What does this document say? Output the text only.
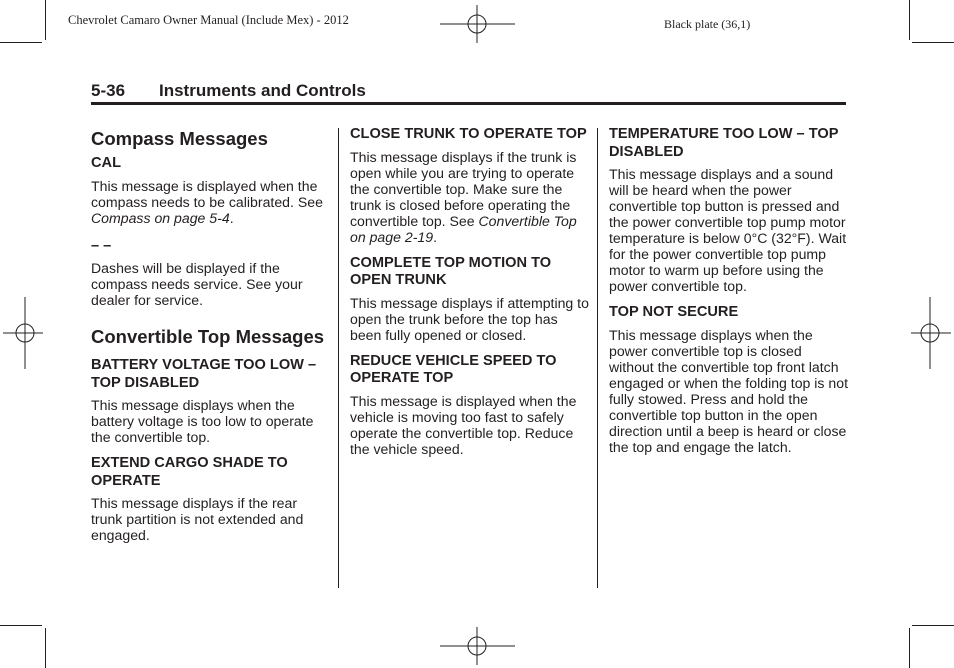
Chevrolet Camaro Owner Manual (Include Mex) - 2012	Black plate (36,1)
5-36 Instruments and Controls
Compass Messages
CAL

This message is displayed when the compass needs to be calibrated. See Compass on page 5-4.

– –

Dashes will be displayed if the compass needs service. See your dealer for service.

Convertible Top Messages
BATTERY VOLTAGE TOO LOW – TOP DISABLED

This message displays when the battery voltage is too low to operate the convertible top.

EXTEND CARGO SHADE TO OPERATE

This message displays if the rear trunk partition is not extended and engaged.

CLOSE TRUNK TO OPERATE TOP

This message displays if the trunk is open while you are trying to operate the convertible top. Make sure the trunk is closed before operating the convertible top. See Convertible Top on page 2-19.

COMPLETE TOP MOTION TO OPEN TRUNK

This message displays if attempting to open the trunk before the top has been fully opened or closed.

REDUCE VEHICLE SPEED TO OPERATE TOP

This message is displayed when the vehicle is moving too fast to safely operate the convertible top. Reduce the vehicle speed.

TEMPERATURE TOO LOW – TOP DISABLED

This message displays and a sound will be heard when the power convertible top button is pressed and the power convertible top pump motor temperature is below 0°C (32°F). Wait for the power convertible top pump motor to warm up before using the power convertible top.

TOP NOT SECURE

This message displays when the power convertible top is closed without the convertible top front latch engaged or when the folding top is not fully stowed. Press and hold the convertible top button in the open direction until a beep is heard or close the top and engage the latch.
